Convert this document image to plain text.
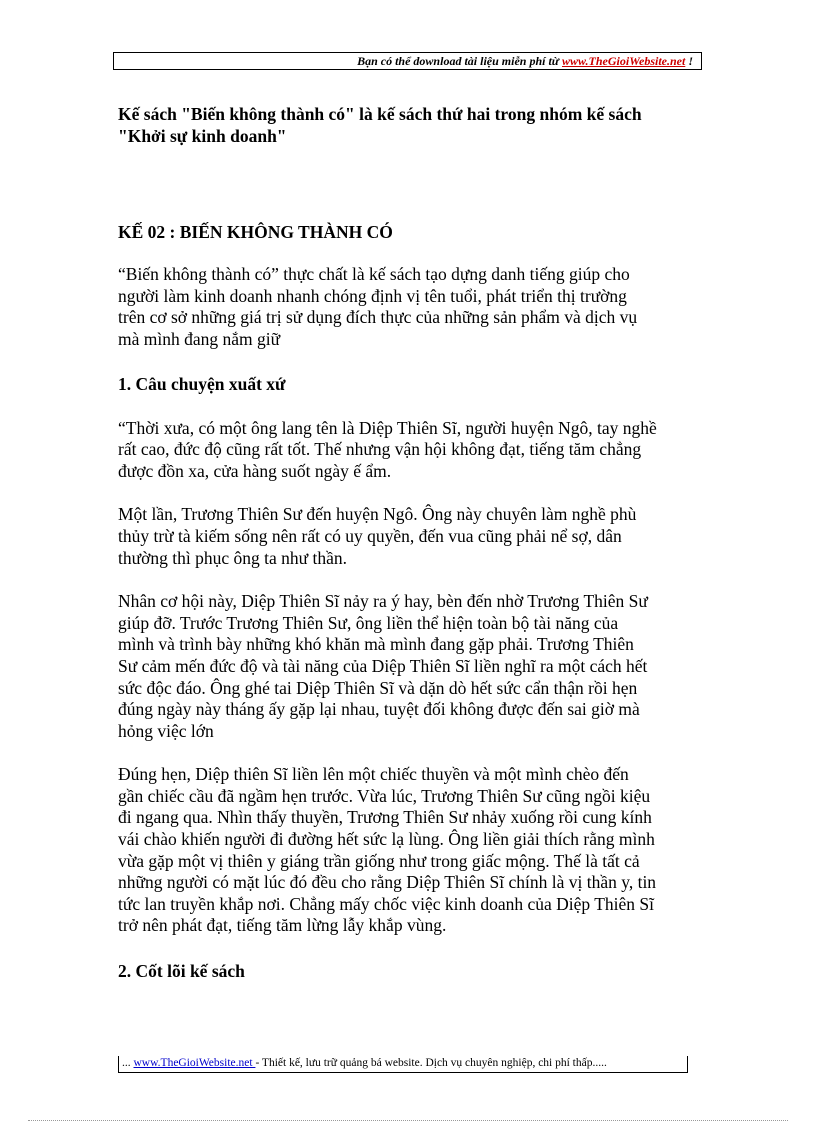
Bạn có thể download tài liệu miễn phí từ www.TheGioiWebsite.net !

Kế sách "Biến không thành có" là kế sách thứ hai trong nhóm kế sách

"Khởi sự kinh doanh"

KẾ 02 : BIẾN KHÔNG THÀNH CÓ

“Biến không thành có” thực chất là kế sách tạo dựng danh tiếng giúp cho

người làm kinh doanh nhanh chóng định vị tên tuổi, phát triển thị trường

trên cơ sở những giá trị sử dụng đích thực của những sản phẩm và dịch vụ

mà mình đang nắm giữ

1. Câu chuyện xuất xứ

“Thời xưa, có một ông lang tên là Diệp Thiên Sĩ, người huyện Ngô, tay nghề

rất cao, đức độ cũng rất tốt. Thế nhưng vận hội không đạt, tiếng tăm chẳng

được đồn xa, cửa hàng suốt ngày ế ẩm.

Một lần, Trương Thiên Sư đến huyện Ngô. Ông này chuyên làm nghề phù

thủy trừ tà kiếm sống nên rất có uy quyền, đến vua cũng phải nể sợ, dân

thường thì phục ông ta như thần.

Nhân cơ hội này, Diệp Thiên Sĩ nảy ra ý hay, bèn đến nhờ Trương Thiên Sư

giúp đỡ. Trước Trương Thiên Sư, ông liền thể hiện toàn bộ tài năng của

mình và trình bày những khó khăn mà mình đang gặp phải. Trương Thiên

Sư cảm mến đức độ và tài năng của Diệp Thiên Sĩ liền nghĩ ra một cách hết

sức độc đáo. Ông ghé tai Diệp Thiên Sĩ và dặn dò hết sức cẩn thận rồi hẹn

đúng ngày này tháng ấy gặp lại nhau, tuyệt đối không được đến sai giờ mà

hỏng việc lớn

Đúng hẹn, Diệp thiên Sĩ liền lên một chiếc thuyền và một mình chèo đến

gần chiếc cầu đã ngầm hẹn trước. Vừa lúc, Trương Thiên Sư cũng ngồi kiệu

đi ngang qua. Nhìn thấy thuyền, Trương Thiên Sư nhảy xuống rồi cung kính

vái chào khiến người đi đường hết sức lạ lùng. Ông liền giải thích rằng mình

vừa gặp một vị thiên y giáng trần giống như trong giấc mộng. Thế là tất cả

những người có mặt lúc đó đều cho rằng Diệp Thiên Sĩ chính là vị thần y, tin

tức lan truyền khắp nơi. Chẳng mấy chốc việc kinh doanh của Diệp Thiên Sĩ

trở nên phát đạt, tiếng tăm lừng lẫy khắp vùng.

2. Cốt lõi kế sách

... www.TheGioiWebsite.net - Thiết kế, lưu trữ quảng bá website. Dịch vụ chuyên nghiệp, chi phí thấp.....
